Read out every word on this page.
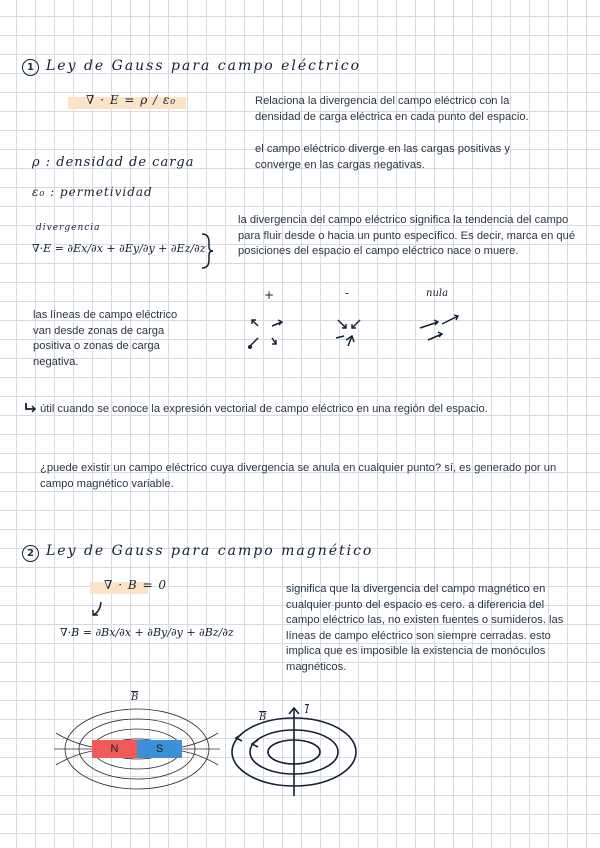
1 Ley de Gauss para campo eléctrico
∇ · E = ρ / ε₀	Relaciona la divergencia del campo eléctrico con la densidad de carga eléctrica en cada punto del espacio.
el campo eléctrico diverge en las cargas positivas y converge en las cargas negativas.
ρ : densidad de carga
ε₀ : permetividad
divergencia
∇·E = ∂Ex/∂x + ∂Ey/∂y + ∂Ez/∂z
la divergencia del campo eléctrico significa la tendencia del campo para fluir desde o hacia un punto específico. Es decir, marca en qué posiciones del espacio el campo eléctrico nace o muere.
+	-	nula
las líneas de campo eléctrico van desde zonas de carga positiva o zonas de carga negativa.
útil cuando se conoce la expresión vectorial de campo eléctrico en una región del espacio.
¿puede existir un campo eléctrico cuya divergencia se anula en cualquier punto? sí, es generado por un campo magnético variable.
2 Ley de Gauss para campo magnético
∇ · B = 0
∇·B = ∂Bx/∂x + ∂By/∂y + ∂Bz/∂z
significa que la divergencia del campo magnético en cualquier punto del espacio es cero. a diferencia del campo eléctrico las, no existen fuentes o sumideros. las líneas de campo eléctrico son siempre cerradas. esto implica que es imposible la existencia de monóculos magnéticos.
N	S
$\overline{B}$
$\overline{B}$
$\overline{I}$
